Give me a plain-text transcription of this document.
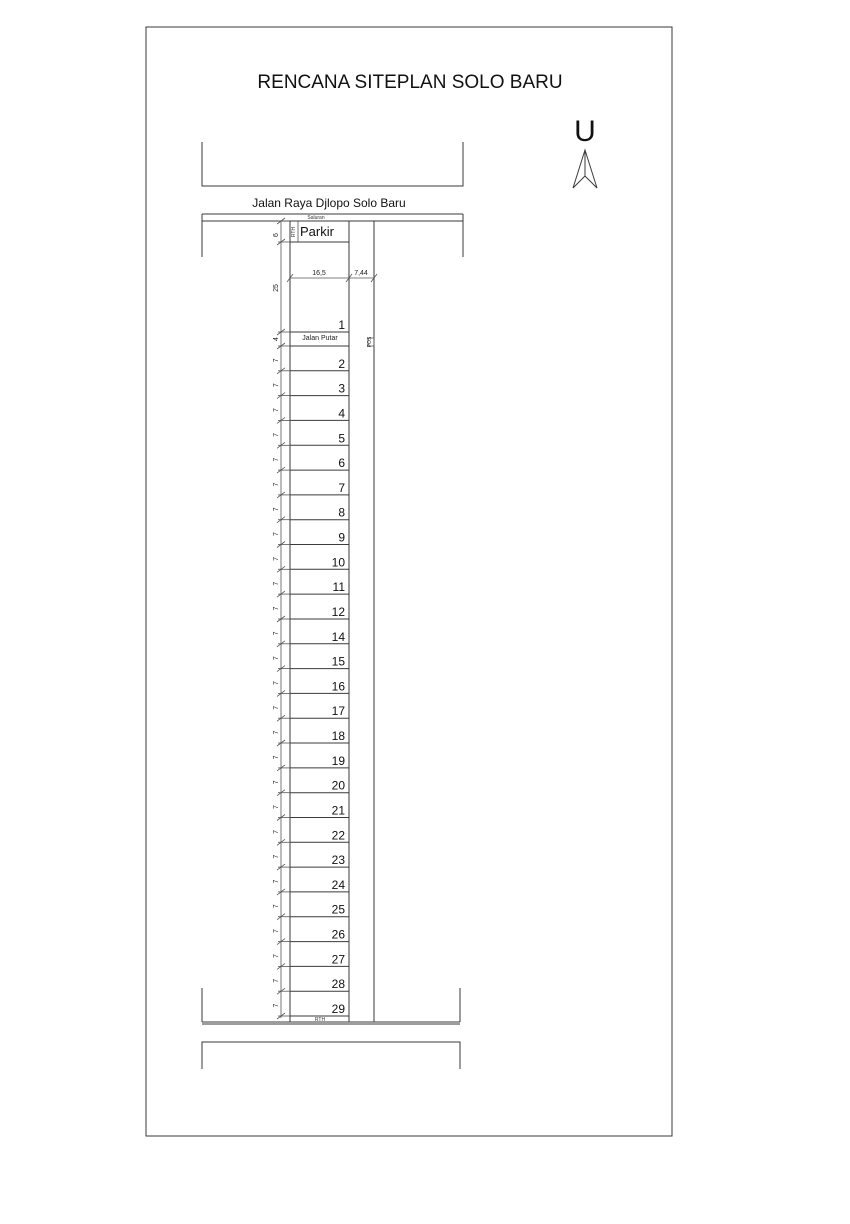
RENCANA SITEPLAN SOLO BARU
U
Jalan Raya Djlopo Solo Baru
Saluran
RTH Parkir
Jalan Putar
16,5	7,44
POS
7
7
7
7
7
7
7
7
7
7
7
7
7
7
7
7
7
7
7
7
7
7
7
7
7
7
7
6
25
4
1
2
3
4
5
6
7
8
9
10
11
12
14
15
16
17
18
19
20
21
22
23
24
25
26
27
28
29
RTH
